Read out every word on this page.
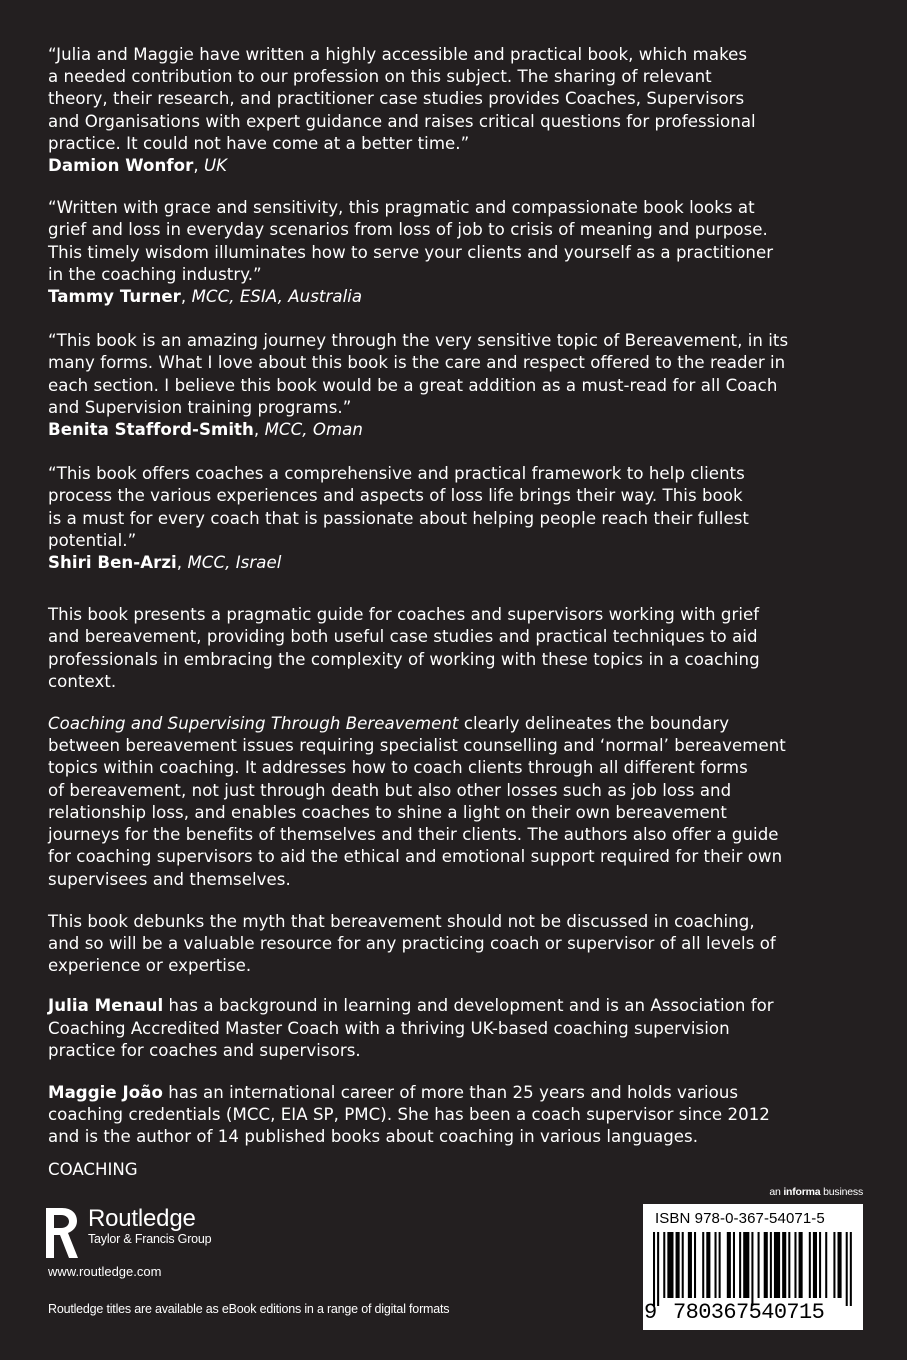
“Julia and Maggie have written a highly accessible and practical book, which makes
a needed contribution to our profession on this subject. The sharing of relevant
theory, their research, and practitioner case studies provides Coaches, Supervisors
and Organisations with expert guidance and raises critical questions for professional
practice. It could not have come at a better time.”
Damion Wonfor, UK
“Written with grace and sensitivity, this pragmatic and compassionate book looks at
grief and loss in everyday scenarios from loss of job to crisis of meaning and purpose.
This timely wisdom illuminates how to serve your clients and yourself as a practitioner
in the coaching industry.”
Tammy Turner, MCC, ESIA, Australia
“This book is an amazing journey through the very sensitive topic of Bereavement, in its
many forms. What I love about this book is the care and respect offered to the reader in
each section. I believe this book would be a great addition as a must-read for all Coach
and Supervision training programs.”
Benita Stafford-Smith, MCC, Oman
“This book offers coaches a comprehensive and practical framework to help clients
process the various experiences and aspects of loss life brings their way. This book
is a must for every coach that is passionate about helping people reach their fullest
potential.”
Shiri Ben-Arzi, MCC, Israel
This book presents a pragmatic guide for coaches and supervisors working with grief
and bereavement, providing both useful case studies and practical techniques to aid
professionals in embracing the complexity of working with these topics in a coaching
context.
Coaching and Supervising Through Bereavement clearly delineates the boundary
between bereavement issues requiring specialist counselling and ‘normal’ bereavement
topics within coaching. It addresses how to coach clients through all different forms
of bereavement, not just through death but also other losses such as job loss and
relationship loss, and enables coaches to shine a light on their own bereavement
journeys for the benefits of themselves and their clients. The authors also offer a guide
for coaching supervisors to aid the ethical and emotional support required for their own
supervisees and themselves.
This book debunks the myth that bereavement should not be discussed in coaching,
and so will be a valuable resource for any practicing coach or supervisor of all levels of
experience or expertise.
Julia Menaul has a background in learning and development and is an Association for
Coaching Accredited Master Coach with a thriving UK-based coaching supervision
practice for coaches and supervisors.
Maggie João has an international career of more than 25 years and holds various
coaching credentials (MCC, EIA SP, PMC). She has been a coach supervisor since 2012
and is the author of 14 published books about coaching in various languages.
COACHING
Routledge
Taylor & Francis Group
www.routledge.com
Routledge titles are available as eBook editions in a range of digital formats
an informa business
ISBN 978-0-367-54071-5
9 780367540715
